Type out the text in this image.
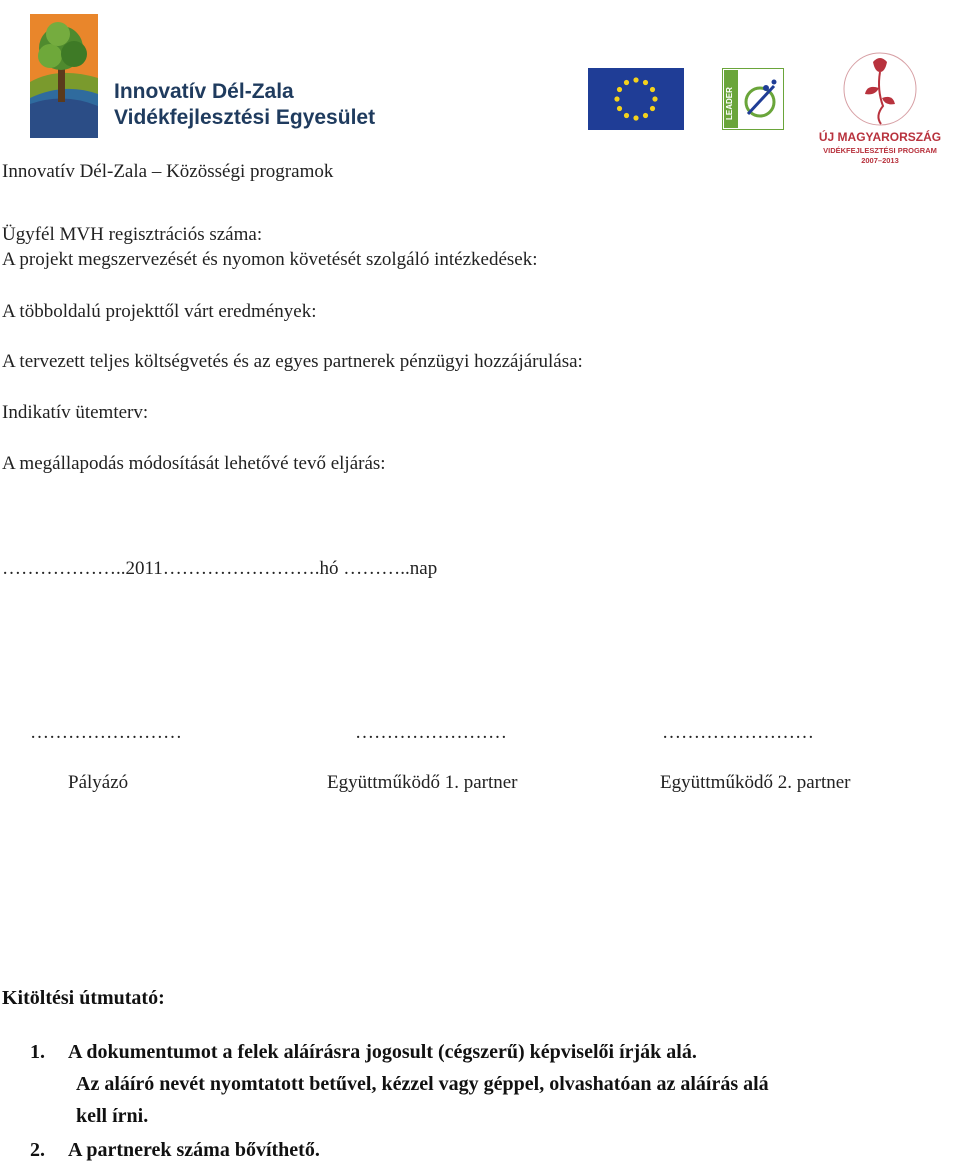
Innovatív Dél-Zala
Vidékfejlesztési Egyesület	LEADER
ÚJ MAGYARORSZÁG
VIDÉKFEJLESZTÉSI PROGRAM
2007–2013
Innovatív Dél-Zala – Közösségi programok
Ügyfél MVH regisztrációs száma:
A projekt megszervezését és nyomon követését szolgáló intézkedések:
A többoldalú projekttől várt eredmények:
A tervezett teljes költségvetés és az egyes partnerek pénzügyi hozzájárulása:
Indikatív ütemterv:
A megállapodás módosítását lehetővé tevő eljárás:
………………..2011…………………….hó ………..nap
……………………
Pályázó
……………………
Együttműködő 1. partner
……………………
Együttműködő 2. partner
Kitöltési útmutató:
1. A dokumentumot a felek aláírásra jogosult (cégszerű) képviselői írják alá.
Az aláíró nevét nyomtatott betűvel, kézzel vagy géppel, olvashatóan az aláírás alá
kell írni.
2. A partnerek száma bővíthető.
